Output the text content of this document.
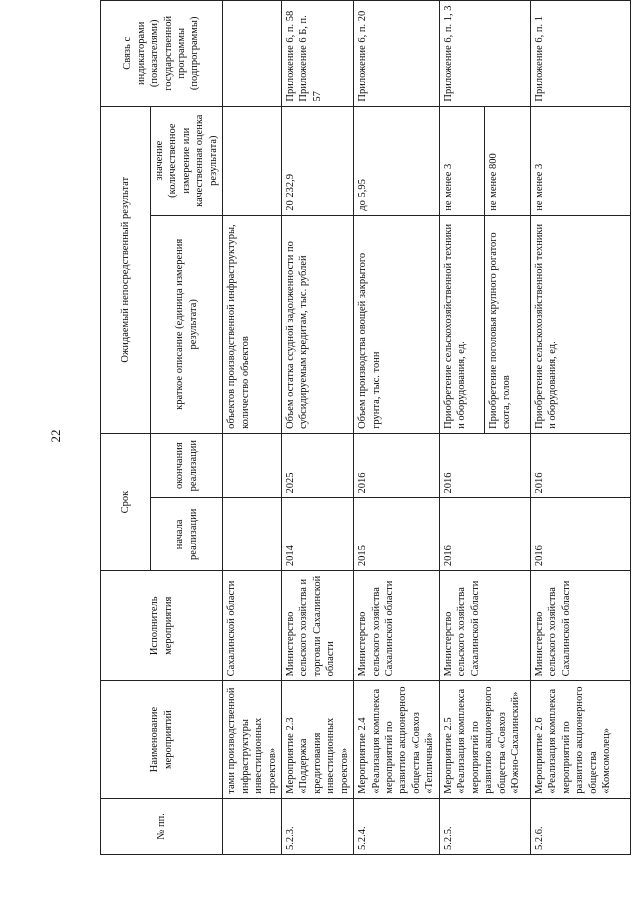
22
№ пп.	Наименование мероприятий	Исполнитель мероприятия	Срок		Ожидаемый непосредственный результат		Связь с индикаторами (показателями) государственной программы (подпрограммы)
			начала реализации	окончания реализации	краткое описание (единица измерения результата)	значение (количественное измерение или качественная оценка результата)	
	тами производственной инфраструктуры инвестиционных проектов»	Сахалинской области			объектов производственной инфраструктуры, количество объектов		
5.2.3.	Мероприятие 2.3 «Поддержка кредитования инвестиционных проектов»	Министерство сельского хозяйства и торговли Сахалинской области	2014	2025	Объем остатка ссудной задолженности по субсидируемым кредитам, тыс. рублей	20 232,9	Приложение 6, п. 58 Приложение 6 Б, п. 57
5.2.4.	Мероприятие 2.4 «Реализация комплекса мероприятий по развитию акционерного общества «Совхоз «Тепличный»	Министерство сельского хозяйства Сахалинской области	2015	2016	Объем производства овощей закрытого грунта, тыс. тонн	до 5,95	Приложение 6, п. 20
5.2.5.	Мероприятие 2.5 «Реализация комплекса мероприятий по развитию акционерного общества «Совхоз «Южно-Сахалинский»	Министерство сельского хозяйства Сахалинской области	2016	2016	Приобретение сельскохозяйственной техники и оборудования, ед.	не менее 3	Приложение 6, п. 1, 3
					Приобретение поголовья крупного рогатого скота, голов	не менее 800	
5.2.6.	Мероприятие 2.6 «Реализация комплекса мероприятий по развитию акционерного общества «Комсомолец»	Министерство сельского хозяйства Сахалинской области	2016	2016	Приобретение сельскохозяйственной техники и оборудования, ед.	не менее 3	Приложение 6, п. 1
